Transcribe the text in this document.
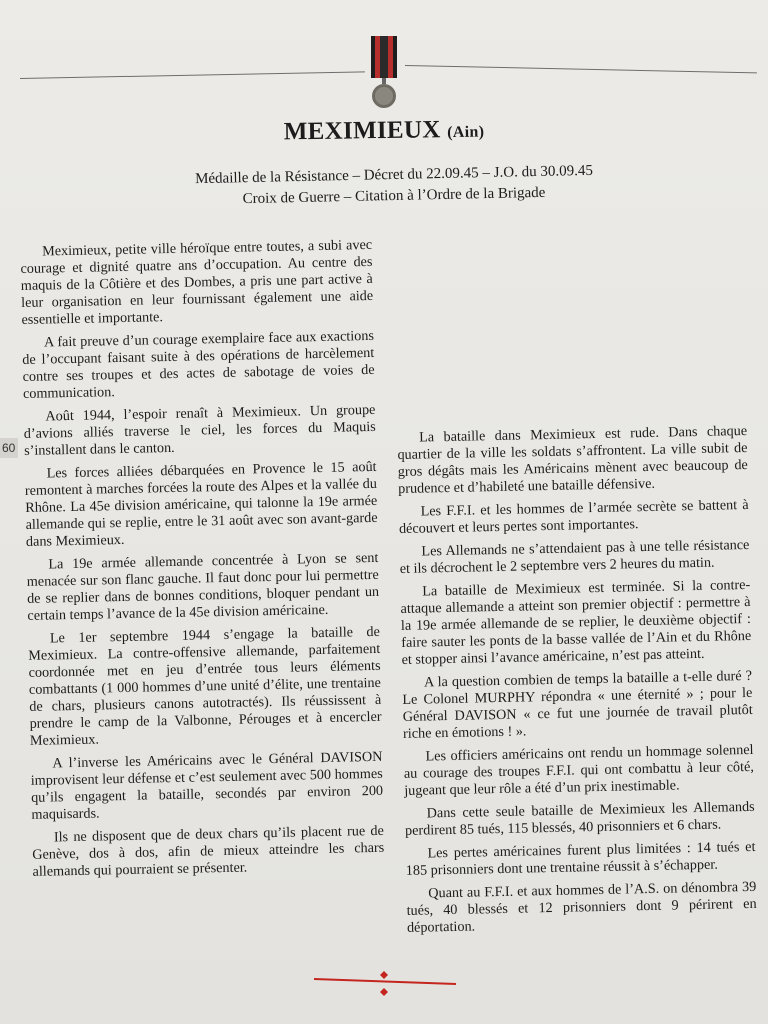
MEXIMIEUX (Ain)
Médaille de la Résistance – Décret du 22.09.45 – J.O. du 30.09.45
Croix de Guerre – Citation à l’Ordre de la Brigade
60

Meximieux, petite ville héroïque entre toutes, a subi avec courage et dignité quatre ans d’occupation. Au centre des maquis de la Côtière et des Dombes, a pris une part active à leur organisation en leur fournissant également une aide essentielle et importante.

A fait preuve d’un courage exemplaire face aux exactions de l’occupant faisant suite à des opérations de harcèlement contre ses troupes et des actes de sabotage de voies de communication.

Août 1944, l’espoir renaît à Meximieux. Un groupe d’avions alliés traverse le ciel, les forces du Maquis s’installent dans le canton.

Les forces alliées débarquées en Provence le 15 août remontent à marches forcées la route des Alpes et la vallée du Rhône. La 45e division américaine, qui talonne la 19e armée allemande qui se replie, entre le 31 août avec son avant-garde dans Meximieux.

La 19e armée allemande concentrée à Lyon se sent menacée sur son flanc gauche. Il faut donc pour lui permettre de se replier dans de bonnes conditions, bloquer pendant un certain temps l’avance de la 45e division américaine.

Le 1er septembre 1944 s’engage la bataille de Meximieux. La contre-offensive allemande, parfaitement coordonnée met en jeu d’entrée tous leurs éléments combattants (1 000 hommes d’une unité d’élite, une trentaine de chars, plusieurs canons autotractés). Ils réussissent à prendre le camp de la Valbonne, Pérouges et à encercler Meximieux.

A l’inverse les Américains avec le Général DAVISON improvisent leur défense et c’est seulement avec 500 hommes qu’ils engagent la bataille, secondés par environ 200 maquisards.

Ils ne disposent que de deux chars qu’ils placent rue de Genève, dos à dos, afin de mieux atteindre les chars allemands qui pourraient se présenter.

La bataille dans Meximieux est rude. Dans chaque quartier de la ville les soldats s’affrontent. La ville subit de gros dégâts mais les Américains mènent avec beaucoup de prudence et d’habileté une bataille défensive.

Les F.F.I. et les hommes de l’armée secrète se battent à découvert et leurs pertes sont importantes.

Les Allemands ne s’attendaient pas à une telle résistance et ils décrochent le 2 septembre vers 2 heures du matin.

La bataille de Meximieux est terminée. Si la contre-attaque allemande a atteint son premier objectif : permettre à la 19e armée allemande de se replier, le deuxième objectif : faire sauter les ponts de la basse vallée de l’Ain et du Rhône et stopper ainsi l’avance américaine, n’est pas atteint.

A la question combien de temps la bataille a t-elle duré ? Le Colonel MURPHY répondra « une éternité » ; pour le Général DAVISON « ce fut une journée de travail plutôt riche en émotions ! ».

Les officiers américains ont rendu un hommage solennel au courage des troupes F.F.I. qui ont combattu à leur côté, jugeant que leur rôle a été d’un prix inestimable.

Dans cette seule bataille de Meximieux les Allemands perdirent 85 tués, 115 blessés, 40 prisonniers et 6 chars.

Les pertes américaines furent plus limitées : 14 tués et 185 prisonniers dont une trentaine réussit à s’échapper.

Quant au F.F.I. et aux hommes de l’A.S. on dénombra 39 tués, 40 blessés et 12 prisonniers dont 9 périrent en déportation.
